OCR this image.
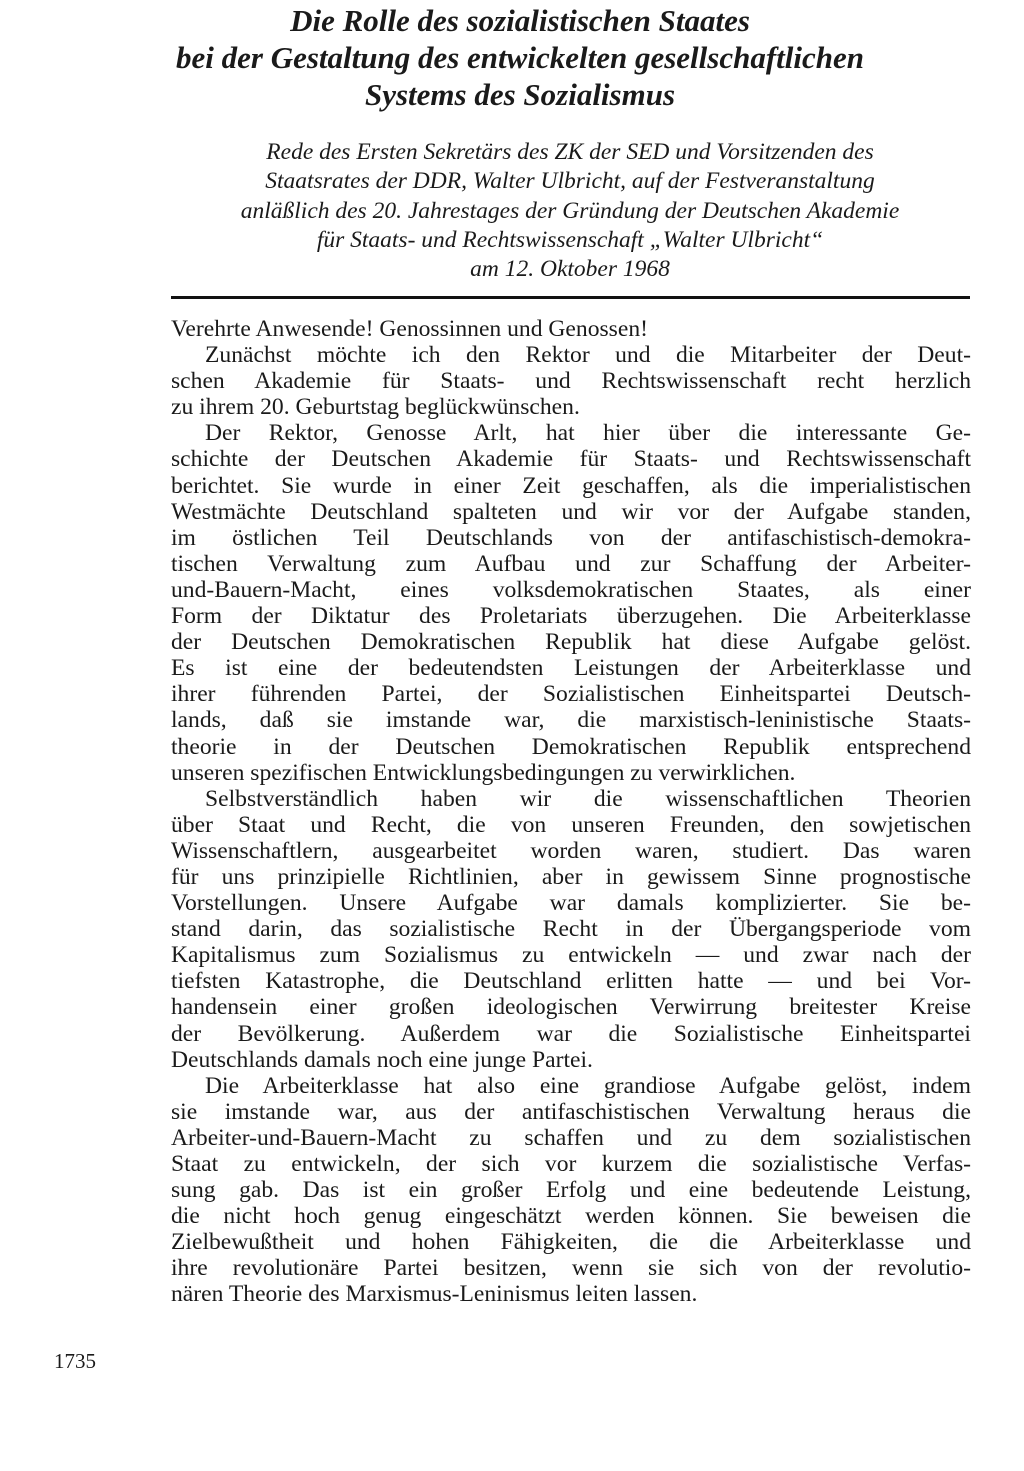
Die Rolle des sozialistischen Staates
bei der Gestaltung des entwickelten gesellschaftlichen
Systems des Sozialismus
Rede des Ersten Sekretärs des ZK der SED und Vorsitzenden des
Staatsrates der DDR, Walter Ulbricht, auf der Festveranstaltung
anläßlich des 20. Jahrestages der Gründung der Deutschen Akademie
für Staats- und Rechtswissenschaft „Walter Ulbricht“
am 12. Oktober 1968
Verehrte Anwesende! Genossinnen und Genossen!
Zunächst möchte ich den Rektor und die Mitarbeiter der Deut-
schen Akademie für Staats- und Rechtswissenschaft recht herzlich
zu ihrem 20. Geburtstag beglückwünschen.
Der Rektor, Genosse Arlt, hat hier über die interessante Ge-
schichte der Deutschen Akademie für Staats- und Rechtswissenschaft
berichtet. Sie wurde in einer Zeit geschaffen, als die imperialistischen
Westmächte Deutschland spalteten und wir vor der Aufgabe standen,
im östlichen Teil Deutschlands von der antifaschistisch-demokra-
tischen Verwaltung zum Aufbau und zur Schaffung der Arbeiter-
und-Bauern-Macht, eines volksdemokratischen Staates, als einer
Form der Diktatur des Proletariats überzugehen. Die Arbeiterklasse
der Deutschen Demokratischen Republik hat diese Aufgabe gelöst.
Es ist eine der bedeutendsten Leistungen der Arbeiterklasse und
ihrer führenden Partei, der Sozialistischen Einheitspartei Deutsch-
lands, daß sie imstande war, die marxistisch-leninistische Staats-
theorie in der Deutschen Demokratischen Republik entsprechend
unseren spezifischen Entwicklungsbedingungen zu verwirklichen.
Selbstverständlich haben wir die wissenschaftlichen Theorien
über Staat und Recht, die von unseren Freunden, den sowjetischen
Wissenschaftlern, ausgearbeitet worden waren, studiert. Das waren
für uns prinzipielle Richtlinien, aber in gewissem Sinne prognostische
Vorstellungen. Unsere Aufgabe war damals komplizierter. Sie be-
stand darin, das sozialistische Recht in der Übergangsperiode vom
Kapitalismus zum Sozialismus zu entwickeln — und zwar nach der
tiefsten Katastrophe, die Deutschland erlitten hatte — und bei Vor-
handensein einer großen ideologischen Verwirrung breitester Kreise
der Bevölkerung. Außerdem war die Sozialistische Einheitspartei
Deutschlands damals noch eine junge Partei.
Die Arbeiterklasse hat also eine grandiose Aufgabe gelöst, indem
sie imstande war, aus der antifaschistischen Verwaltung heraus die
Arbeiter-und-Bauern-Macht zu schaffen und zu dem sozialistischen
Staat zu entwickeln, der sich vor kurzem die sozialistische Verfas-
sung gab. Das ist ein großer Erfolg und eine bedeutende Leistung,
die nicht hoch genug eingeschätzt werden können. Sie beweisen die
Zielbewußtheit und hohen Fähigkeiten, die die Arbeiterklasse und
ihre revolutionäre Partei besitzen, wenn sie sich von der revolutio-
nären Theorie des Marxismus-Leninismus leiten lassen.
1735
